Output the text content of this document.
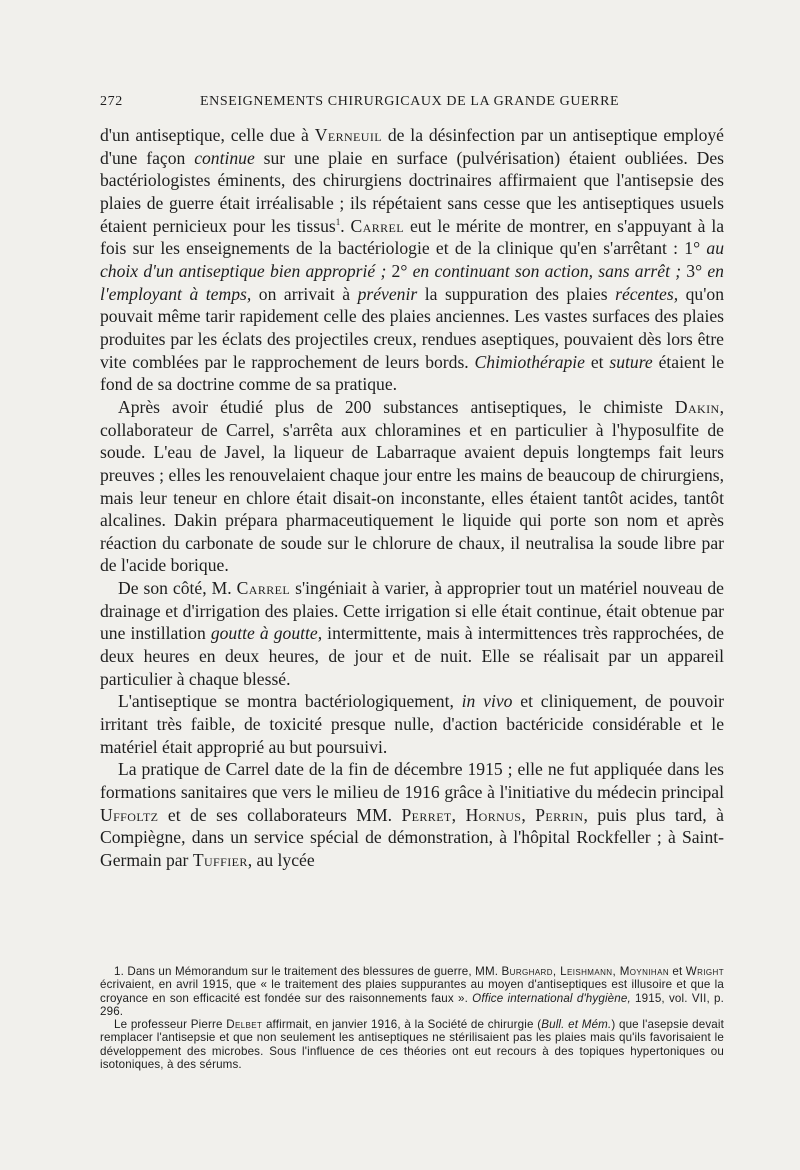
272	ENSEIGNEMENTS CHIRURGICAUX DE LA GRANDE GUERRE

d'un antiseptique, celle due à Verneuil de la désinfection par un antiseptique employé d'une façon continue sur une plaie en surface (pulvérisation) étaient oubliées. Des bactériologistes éminents, des chirurgiens doctrinaires affirmaient que l'antisepsie des plaies de guerre était irréalisable ; ils répétaient sans cesse que les antiseptiques usuels étaient pernicieux pour les tissus$^1$. Carrel eut le mérite de montrer, en s'appuyant à la fois sur les enseignements de la bactériologie et de la clinique qu'en s'arrêtant : 1° au choix d'un antiseptique bien approprié ; 2° en continuant son action, sans arrêt ; 3° en l'employant à temps, on arrivait à prévenir la suppuration des plaies récentes, qu'on pouvait même tarir rapidement celle des plaies anciennes. Les vastes surfaces des plaies produites par les éclats des projectiles creux, rendues aseptiques, pouvaient dès lors être vite comblées par le rapprochement de leurs bords. Chimiothérapie et suture étaient le fond de sa doctrine comme de sa pratique.

Après avoir étudié plus de 200 substances antiseptiques, le chimiste Dakin, collaborateur de Carrel, s'arrêta aux chloramines et en particulier à l'hyposulfite de soude. L'eau de Javel, la liqueur de Labarraque avaient depuis longtemps fait leurs preuves ; elles les renouvelaient chaque jour entre les mains de beaucoup de chirurgiens, mais leur teneur en chlore était disait-on inconstante, elles étaient tantôt acides, tantôt alcalines. Dakin prépara pharmaceutiquement le liquide qui porte son nom et après réaction du carbonate de soude sur le chlorure de chaux, il neutralisa la soude libre par de l'acide borique.

De son côté, M. Carrel s'ingéniait à varier, à approprier tout un matériel nouveau de drainage et d'irrigation des plaies. Cette irrigation si elle était continue, était obtenue par une instillation goutte à goutte, intermittente, mais à intermittences très rapprochées, de deux heures en deux heures, de jour et de nuit. Elle se réalisait par un appareil particulier à chaque blessé.

L'antiseptique se montra bactériologiquement, in vivo et cliniquement, de pouvoir irritant très faible, de toxicité presque nulle, d'action bactéricide considérable et le matériel était approprié au but poursuivi.

La pratique de Carrel date de la fin de décembre 1915 ; elle ne fut appliquée dans les formations sanitaires que vers le milieu de 1916 grâce à l'initiative du médecin principal Uffoltz et de ses collaborateurs MM. Perret, Hornus, Perrin, puis plus tard, à Compiègne, dans un service spécial de démonstration, à l'hôpital Rockfeller ; à Saint-Germain par Tuffier, au lycée

1. Dans un Mémorandum sur le traitement des blessures de guerre, MM. Burghard, Leishmann, Moynihan et Wright écrivaient, en avril 1915, que « le traitement des plaies suppurantes au moyen d'antiseptiques est illusoire et que la croyance en son efficacité est fondée sur des raisonnements faux ». Office international d'hygiène, 1915, vol. VII, p. 296.

Le professeur Pierre Delbet affirmait, en janvier 1916, à la Société de chirurgie (Bull. et Mém.) que l'asepsie devait remplacer l'antisepsie et que non seulement les antiseptiques ne stérilisaient pas les plaies mais qu'ils favorisaient le développement des microbes. Sous l'influence de ces théories ont eut recours à des topiques hypertoniques ou isotoniques, à des sérums.
